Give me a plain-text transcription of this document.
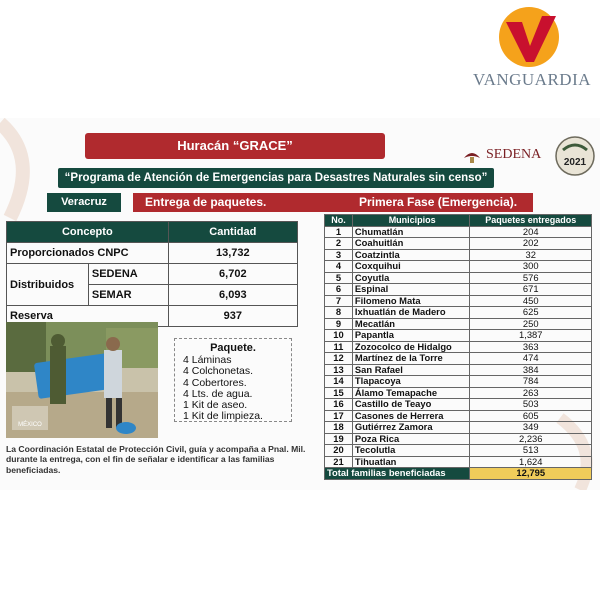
VANGUARDIA
Huracán “GRACE”
“Programa de Atención de Emergencias para Desastres Naturales sin censo”
Veracruz	Entrega de paquetes.	Primera Fase (Emergencia).
SEDENA
2021
Concepto		Cantidad
Proporcionados CNPC		13,732
Distribuidos	SEDENA	6,702
	SEMAR	6,093
Reserva		937
MÉXICO
Paquete.
4 Láminas
4 Colchonetas.
4 Cobertores.
4 Lts. de agua.
1 Kit de aseo.
1 Kit de limpieza.
La Coordinación Estatal de Protección Civil, guía y acompaña a Pnal. Mil. durante la entrega, con el fin de señalar e identificar a las familias beneficiadas.
No.	Municipios	Paquetes entregados
1	Chumatlán	204
2	Coahuitlán	202
3	Coatzintla	32
4	Coxquihui	300
5	Coyutla	576
6	Espinal	671
7	Filomeno Mata	450
8	Ixhuatlán de Madero	625
9	Mecatlán	250
10	Papantla	1,387
11	Zozocolco de Hidalgo	363
12	Martínez de la Torre	474
13	San Rafael	384
14	Tlapacoya	784
15	Álamo Temapache	263
16	Castillo de Teayo	503
17	Casones de Herrera	605
18	Gutiérrez Zamora	349
19	Poza Rica	2,236
20	Tecolutla	513
21	Tihuatlan	1,624
Total familias beneficiadas		12,795
